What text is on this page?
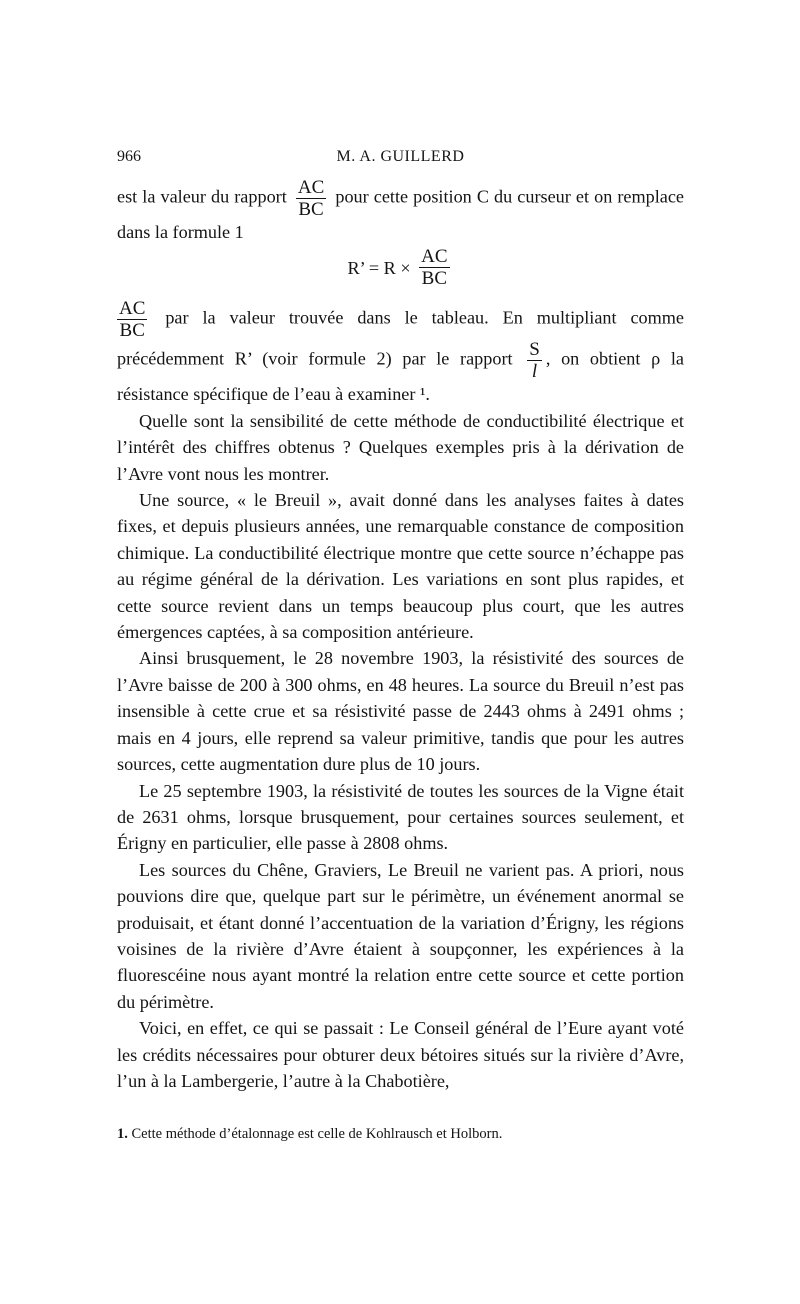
966	M. A. GUILLERD

est la valeur du rapport $\frac{AC}{BC}$ pour cette position C du curseur et on remplace dans la formule 1

R’ = $R \times \frac{AC}{BC}$

$\frac{AC}{BC}$ par la valeur trouvée dans le tableau. En multipliant comme précédemment R’ (voir formule 2) par le rapport $\frac{S}{l}$ , on obtient ρ la résistance spécifique de l’eau à examiner ¹.

Quelle sont la sensibilité de cette méthode de conductibilité électrique et l’intérêt des chiffres obtenus ? Quelques exemples pris à la dérivation de l’Avre vont nous les montrer.

Une source, « le Breuil », avait donné dans les analyses faites à dates fixes, et depuis plusieurs années, une remarquable constance de composition chimique. La conductibilité électrique montre que cette source n’échappe pas au régime général de la dérivation. Les variations en sont plus rapides, et cette source revient dans un temps beaucoup plus court, que les autres émergences captées, à sa composition antérieure.

Ainsi brusquement, le 28 novembre 1903, la résistivité des sources de l’Avre baisse de 200 à 300 ohms, en 48 heures. La source du Breuil n’est pas insensible à cette crue et sa résistivité passe de 2443 ohms à 2491 ohms ; mais en 4 jours, elle reprend sa valeur primitive, tandis que pour les autres sources, cette augmentation dure plus de 10 jours.

Le 25 septembre 1903, la résistivité de toutes les sources de la Vigne était de 2631 ohms, lorsque brusquement, pour certaines sources seulement, et Érigny en particulier, elle passe à 2808 ohms.

Les sources du Chêne, Graviers, Le Breuil ne varient pas. A priori, nous pouvions dire que, quelque part sur le périmètre, un événement anormal se produisait, et étant donné l’accentuation de la variation d’Érigny, les régions voisines de la rivière d’Avre étaient à soupçonner, les expériences à la fluorescéine nous ayant montré la relation entre cette source et cette portion du périmètre.

Voici, en effet, ce qui se passait : Le Conseil général de l’Eure ayant voté les crédits nécessaires pour obturer deux bétoires situés sur la rivière d’Avre, l’un à la Lambergerie, l’autre à la Chabotière,

1. Cette méthode d’étalonnage est celle de Kohlrausch et Holborn.
